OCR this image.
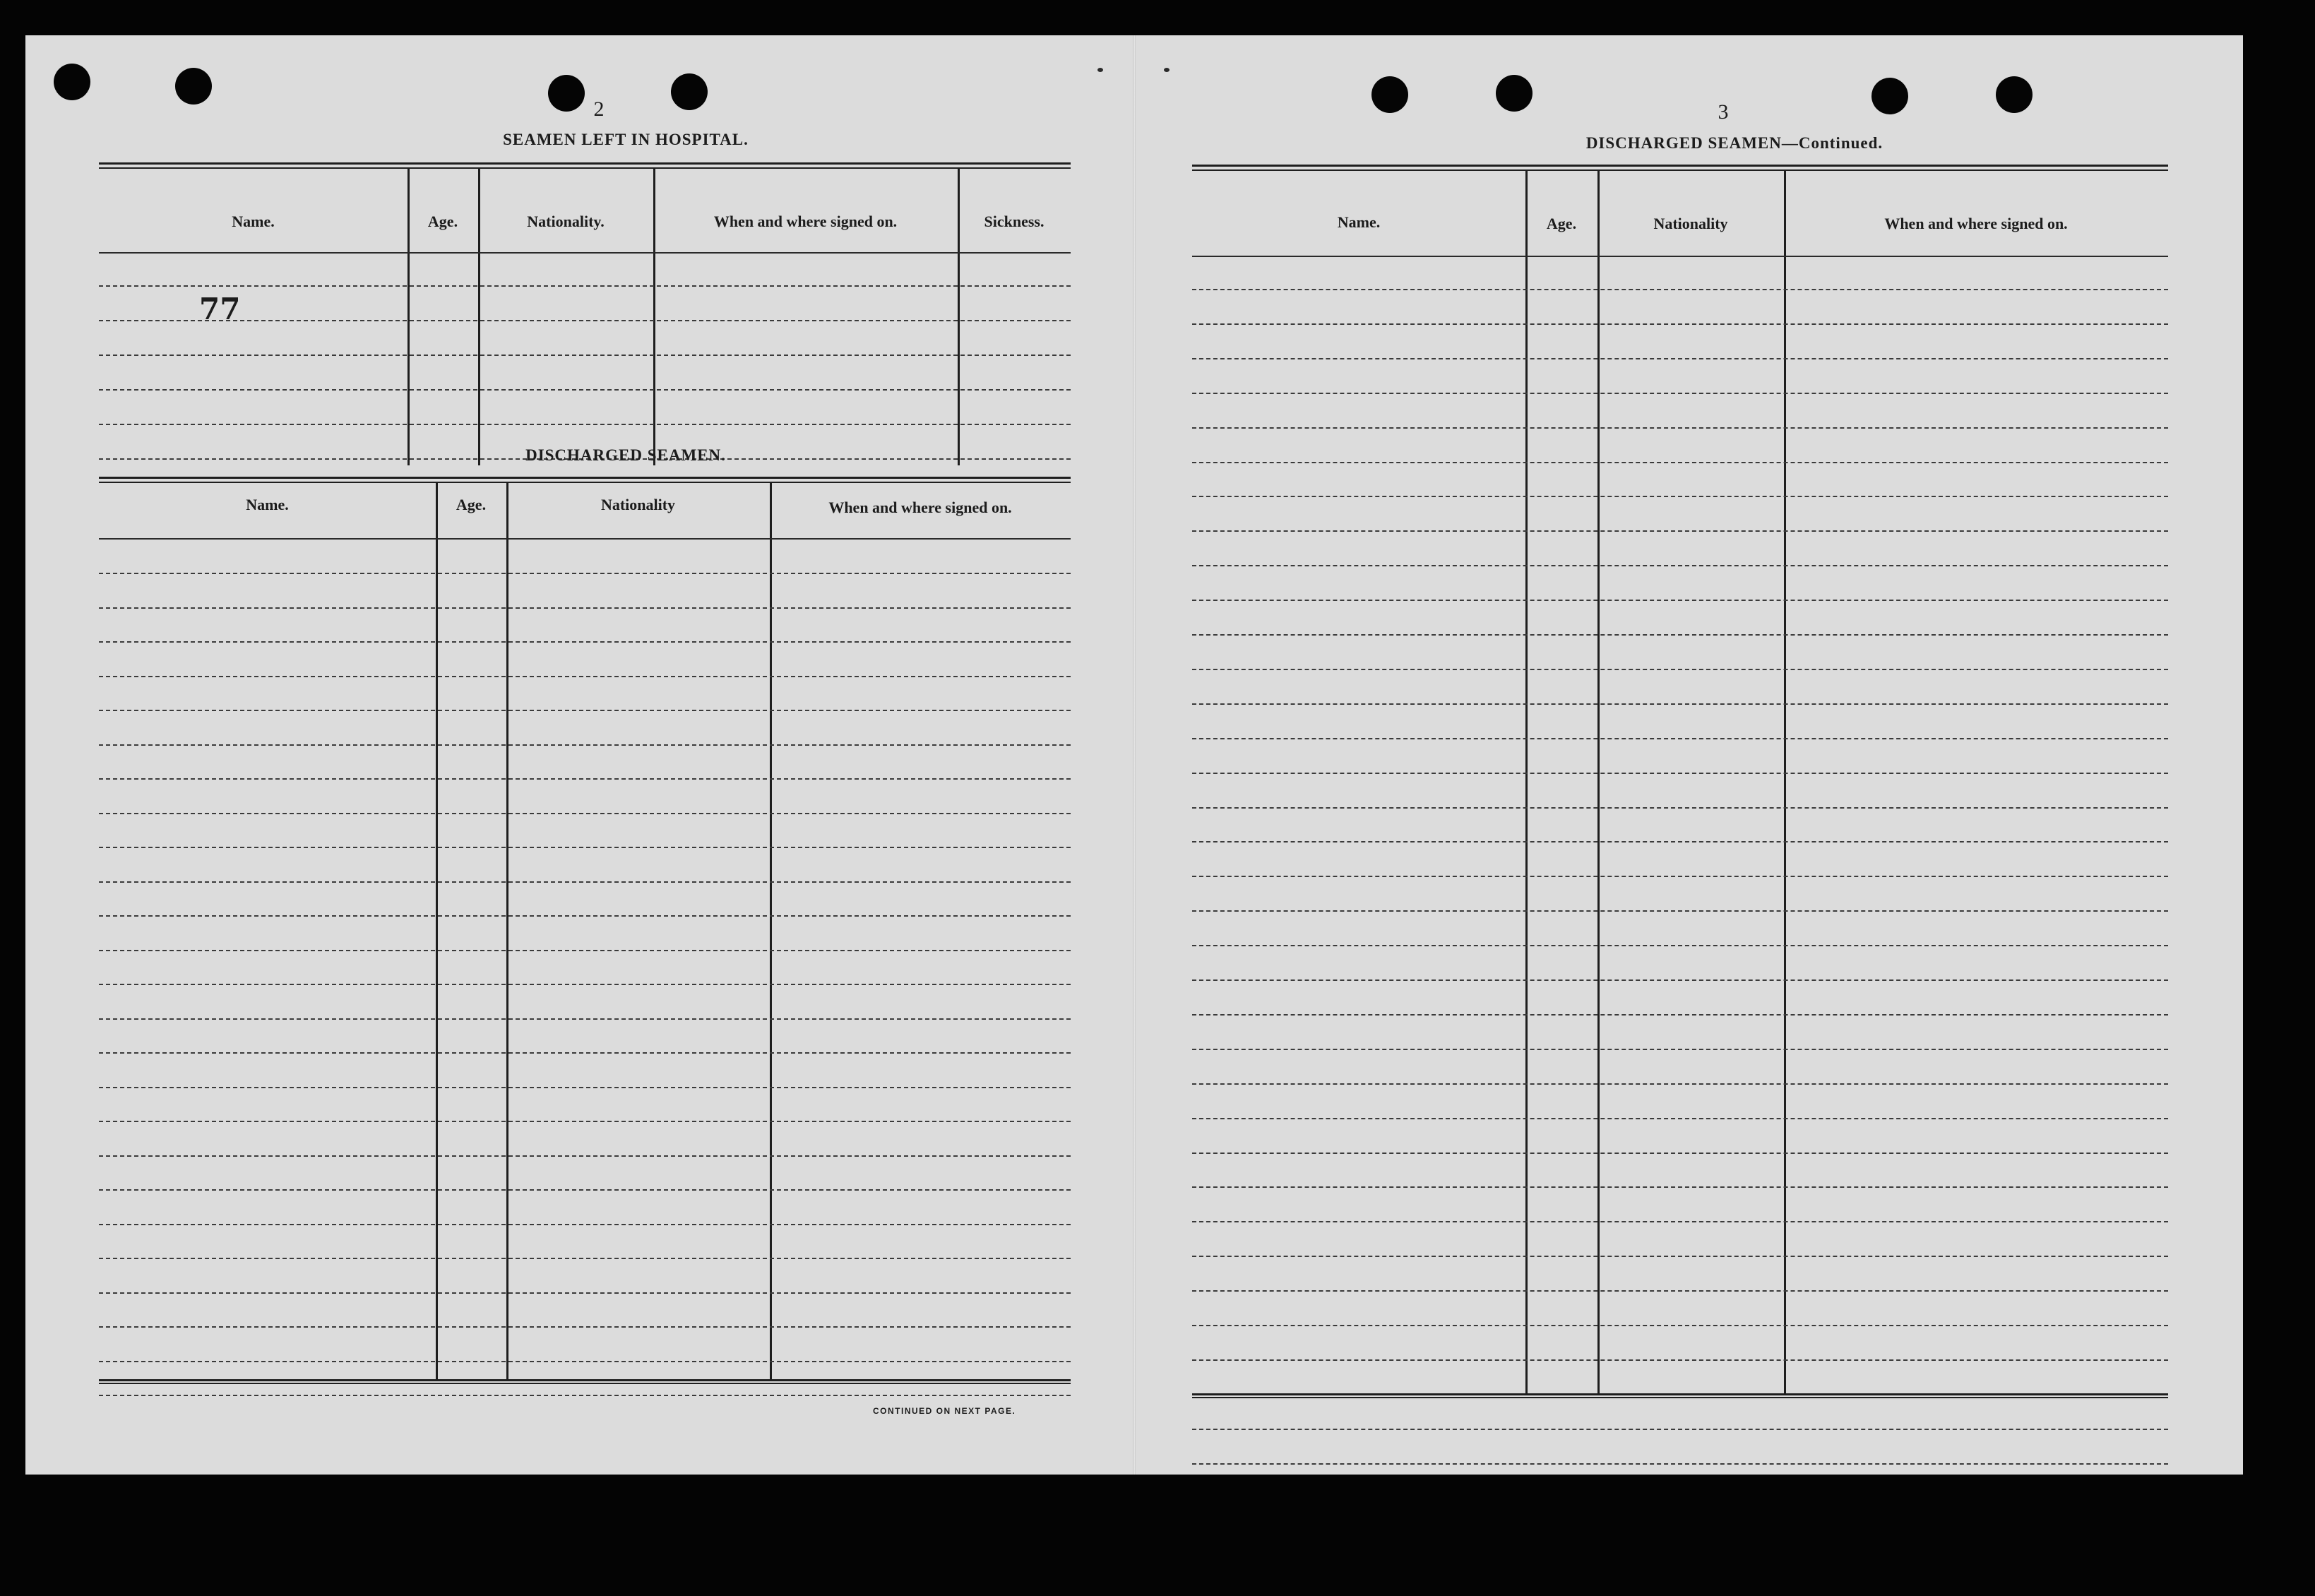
2
SEAMEN LEFT IN HOSPITAL.
Name.	Age.	Nationality.	When and where signed on.	Sickness.
77
DISCHARGED SEAMEN.
Name.	Age.	Nationality	When and where signed on.
CONTINUED ON NEXT PAGE.
3
DISCHARGED SEAMEN—Continued.
Name.	Age.	Nationality	When and where signed on.
